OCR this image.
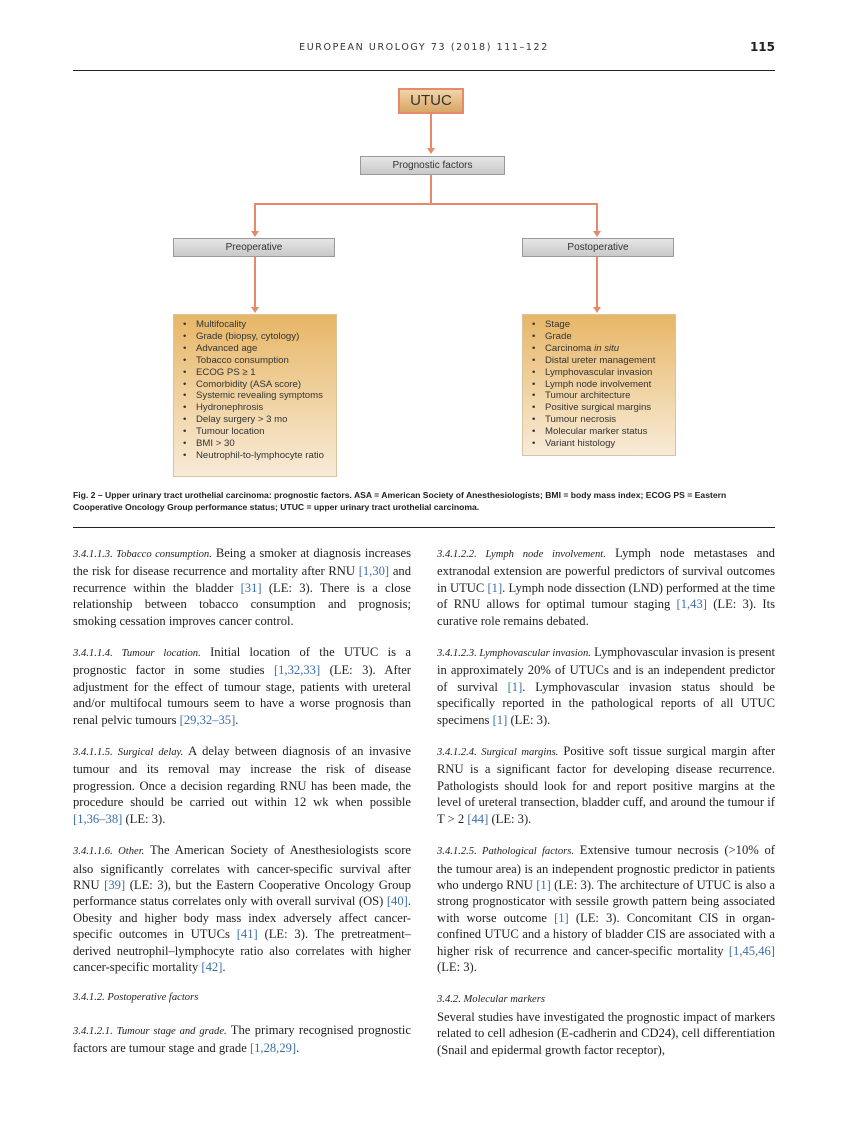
EUROPEAN UROLOGY 73 (2018) 111–122	115
UTUC
Prognostic factors
Preoperative	Postoperative
• Multifocality
• Grade (biopsy, cytology)
• Advanced age
• Tobacco consumption
• ECOG PS ≥ 1
• Comorbidity (ASA score)
• Systemic revealing symptoms
• Hydronephrosis
• Delay surgery > 3 mo
• Tumour location
• BMI > 30
• Neutrophil-to-lymphocyte ratio
• Stage
• Grade
• Carcinoma in situ
• Distal ureter management
• Lymphovascular invasion
• Lymph node involvement
• Tumour architecture
• Positive surgical margins
• Tumour necrosis
• Molecular marker status
• Variant histology
Fig. 2 – Upper urinary tract urothelial carcinoma: prognostic factors. ASA = American Society of Anesthesiologists; BMI = body mass index; ECOG PS = Eastern Cooperative Oncology Group performance status; UTUC = upper urinary tract urothelial carcinoma.

3.4.1.1.3. Tobacco consumption. Being a smoker at diagnosis increases the risk for disease recurrence and mortality after RNU [1,30] and recurrence within the bladder [31] (LE: 3). There is a close relationship between tobacco consumption and prognosis; smoking cessation improves cancer control.

3.4.1.1.4. Tumour location. Initial location of the UTUC is a prognostic factor in some studies [1,32,33] (LE: 3). After adjustment for the effect of tumour stage, patients with ureteral and/or multifocal tumours seem to have a worse prognosis than renal pelvic tumours [29,32–35].

3.4.1.1.5. Surgical delay. A delay between diagnosis of an invasive tumour and its removal may increase the risk of disease progression. Once a decision regarding RNU has been made, the procedure should be carried out within 12 wk when possible [1,36–38] (LE: 3).

3.4.1.1.6. Other. The American Society of Anesthesiologists score also significantly correlates with cancer-specific survival after RNU [39] (LE: 3), but the Eastern Cooperative Oncology Group performance status correlates only with overall survival (OS) [40]. Obesity and higher body mass index adversely affect cancer-specific outcomes in UTUCs [41] (LE: 3). The pretreatment–derived neutrophil–lymphocyte ratio also correlates with higher cancer-specific mortality [42].

3.4.1.2. Postoperative factors

3.4.1.2.1. Tumour stage and grade. The primary recognised prognostic factors are tumour stage and grade [1,28,29].

3.4.1.2.2. Lymph node involvement. Lymph node metastases and extranodal extension are powerful predictors of survival outcomes in UTUC [1]. Lymph node dissection (LND) performed at the time of RNU allows for optimal tumour staging [1,43] (LE: 3). Its curative role remains debated.

3.4.1.2.3. Lymphovascular invasion. Lymphovascular invasion is present in approximately 20% of UTUCs and is an independent predictor of survival [1]. Lymphovascular invasion status should be specifically reported in the pathological reports of all UTUC specimens [1] (LE: 3).

3.4.1.2.4. Surgical margins. Positive soft tissue surgical margin after RNU is a significant factor for developing disease recurrence. Pathologists should look for and report positive margins at the level of ureteral transection, bladder cuff, and around the tumour if T > 2 [44] (LE: 3).

3.4.1.2.5. Pathological factors. Extensive tumour necrosis (>10% of the tumour area) is an independent prognostic predictor in patients who undergo RNU [1] (LE: 3). The architecture of UTUC is also a strong prognosticator with sessile growth pattern being associated with worse outcome [1] (LE: 3). Concomitant CIS in organ-confined UTUC and a history of bladder CIS are associated with a higher risk of recurrence and cancer-specific mortality [1,45,46] (LE: 3).

3.4.2. Molecular markers
Several studies have investigated the prognostic impact of markers related to cell adhesion (E-cadherin and CD24), cell differentiation (Snail and epidermal growth factor receptor),
